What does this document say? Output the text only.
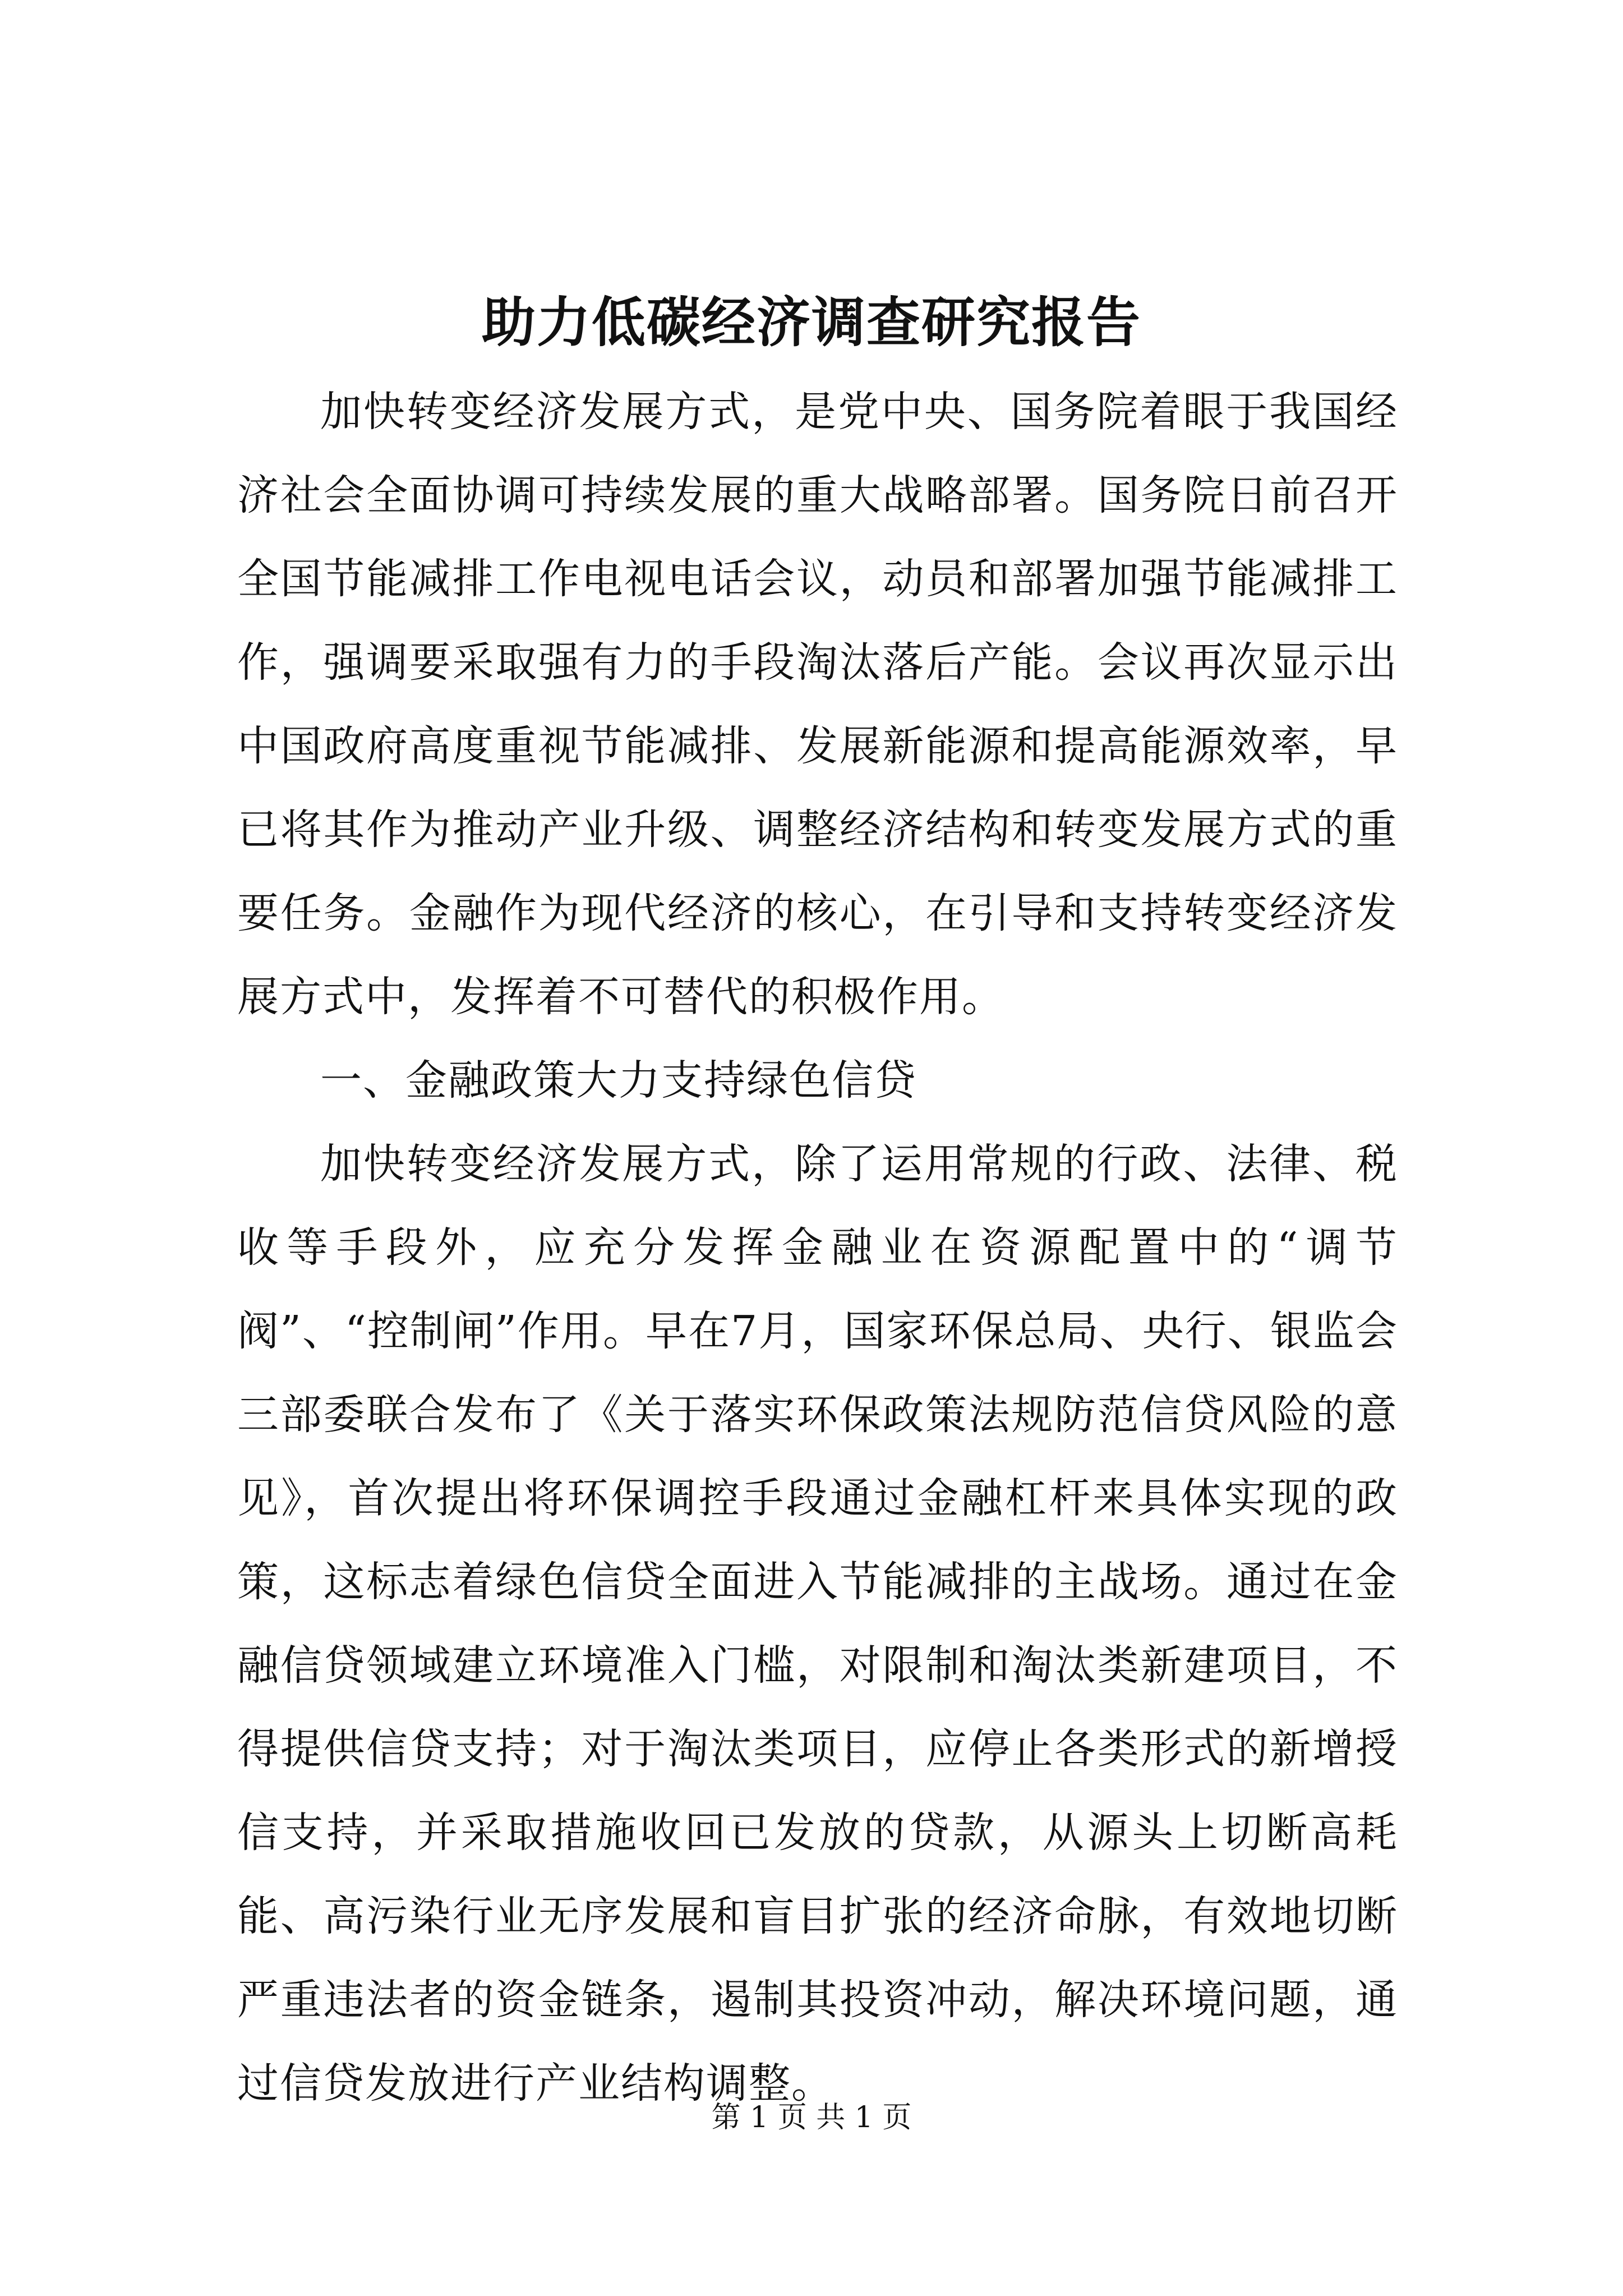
助力低碳经济调查研究报告

加快转变经济发展方式，是党中央、国务院着眼于我国经济社会全面协调可持续发展的重大战略部署。国务院日前召开全国节能减排工作电视电话会议，动员和部署加强节能减排工作，强调要采取强有力的手段淘汰落后产能。会议再次显示出中国政府高度重视节能减排、发展新能源和提高能源效率，早已将其作为推动产业升级、调整经济结构和转变发展方式的重要任务。金融作为现代经济的核心，在引导和支持转变经济发展方式中，发挥着不可替代的积极作用。

一、金融政策大力支持绿色信贷

加快转变经济发展方式，除了运用常规的行政、法律、税收等手段外，应充分发挥金融业在资源配置中的“调节阀”、“控制闸”作用。早在7月，国家环保总局、央行、银监会三部委联合发布了《关于落实环保政策法规防范信贷风险的意见》，首次提出将环保调控手段通过金融杠杆来具体实现的政策，这标志着绿色信贷全面进入节能减排的主战场。通过在金融信贷领域建立环境准入门槛，对限制和淘汰类新建项目，不得提供信贷支持；对于淘汰类项目，应停止各类形式的新增授信支持，并采取措施收回已发放的贷款，从源头上切断高耗能、高污染行业无序发展和盲目扩张的经济命脉，有效地切断严重违法者的资金链条，遏制其投资冲动，解决环境问题，通过信贷发放进行产业结构调整。

第 1 页 共 1 页
